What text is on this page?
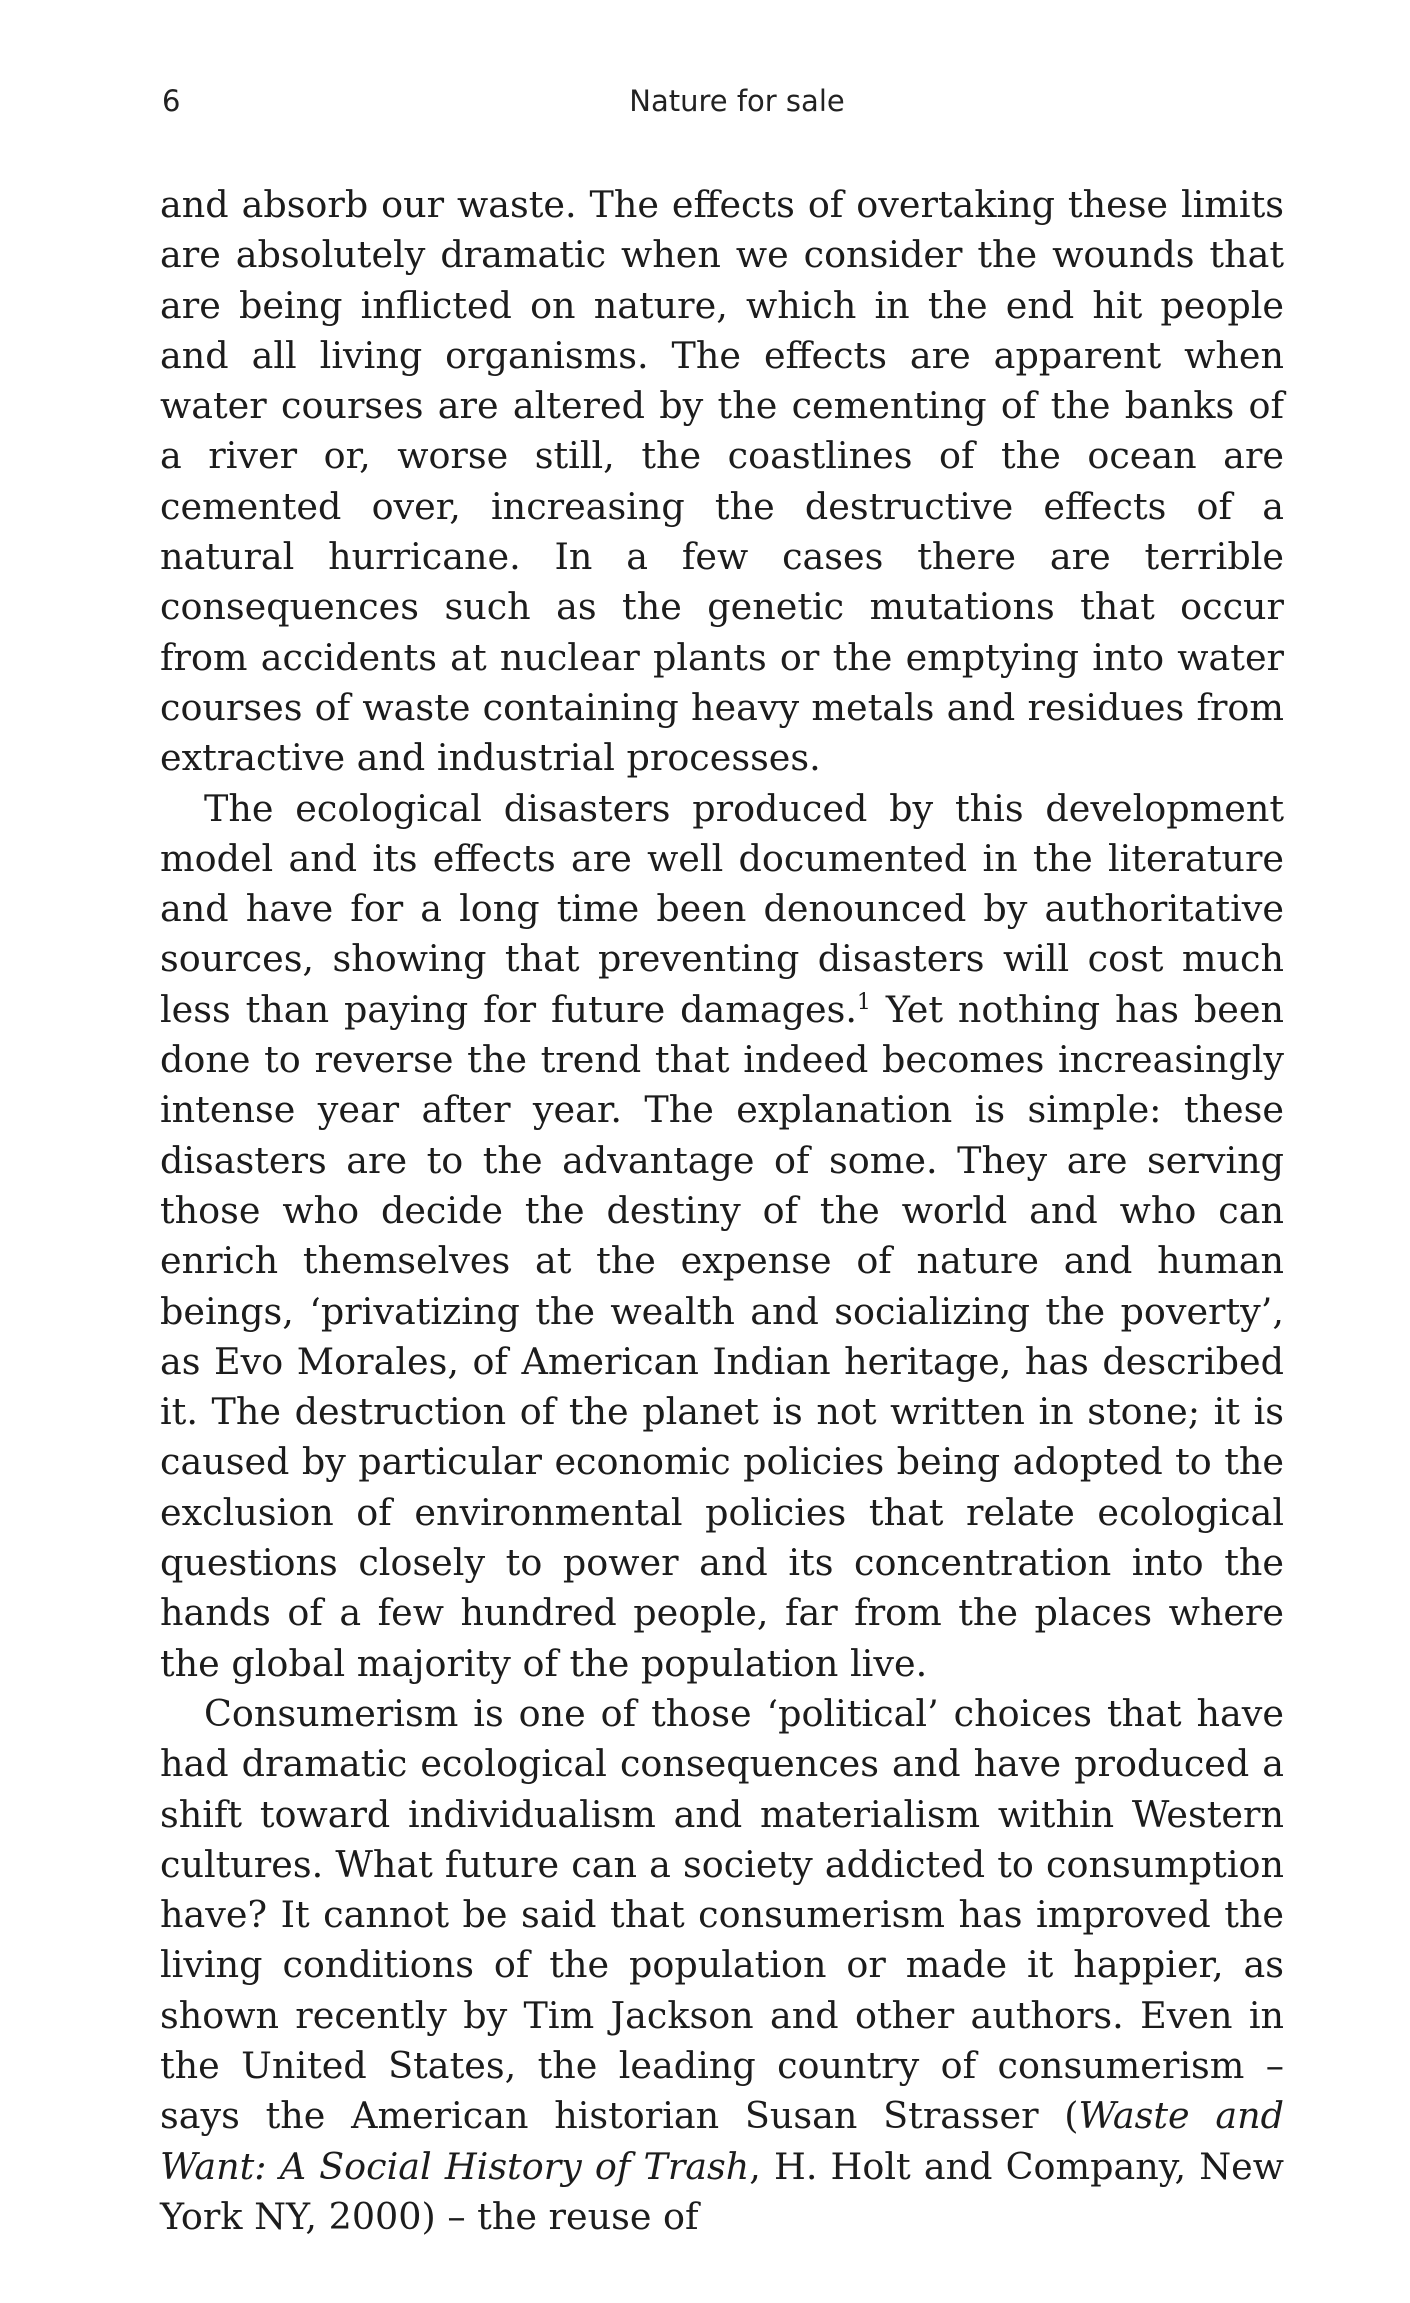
6	Nature for sale

and absorb our waste. The effects of overtaking these limits are absolutely dramatic when we consider the wounds that are being inflicted on nature, which in the end hit people and all living organisms. The effects are apparent when water courses are altered by the cementing of the banks of a river or, worse still, the coastlines of the ocean are cemented over, increasing the destructive effects of a natural hurricane. In a few cases there are terrible consequences such as the genetic mutations that occur from accidents at nuclear plants or the emptying into water courses of waste containing heavy metals and residues from extractive and industrial processes.

The ecological disasters produced by this development model and its effects are well documented in the literature and have for a long time been denounced by authoritative sources, showing that preventing disasters will cost much less than paying for future damages.$^1$ Yet nothing has been done to reverse the trend that indeed becomes increasingly intense year after year. The explanation is simple: these disasters are to the advantage of some. They are serving those who decide the destiny of the world and who can enrich themselves at the expense of nature and human beings, ‘privatizing the wealth and socializing the poverty’, as Evo Morales, of American Indian heritage, has described it. The destruction of the planet is not written in stone; it is caused by particular economic policies being adopted to the exclusion of environmental policies that relate ecological questions closely to power and its concentration into the hands of a few hundred people, far from the places where the global majority of the population live.

Consumerism is one of those ‘political’ choices that have had dramatic ecological consequences and have produced a shift toward individualism and materialism within Western cultures. What future can a society addicted to consumption have? It cannot be said that consumerism has improved the living conditions of the population or made it happier, as shown recently by Tim Jackson and other authors. Even in the United States, the leading country of consumerism – says the American historian Susan Strasser (Waste and Want: A Social History of Trash, H. Holt and Company, New York NY, 2000) – the reuse of
